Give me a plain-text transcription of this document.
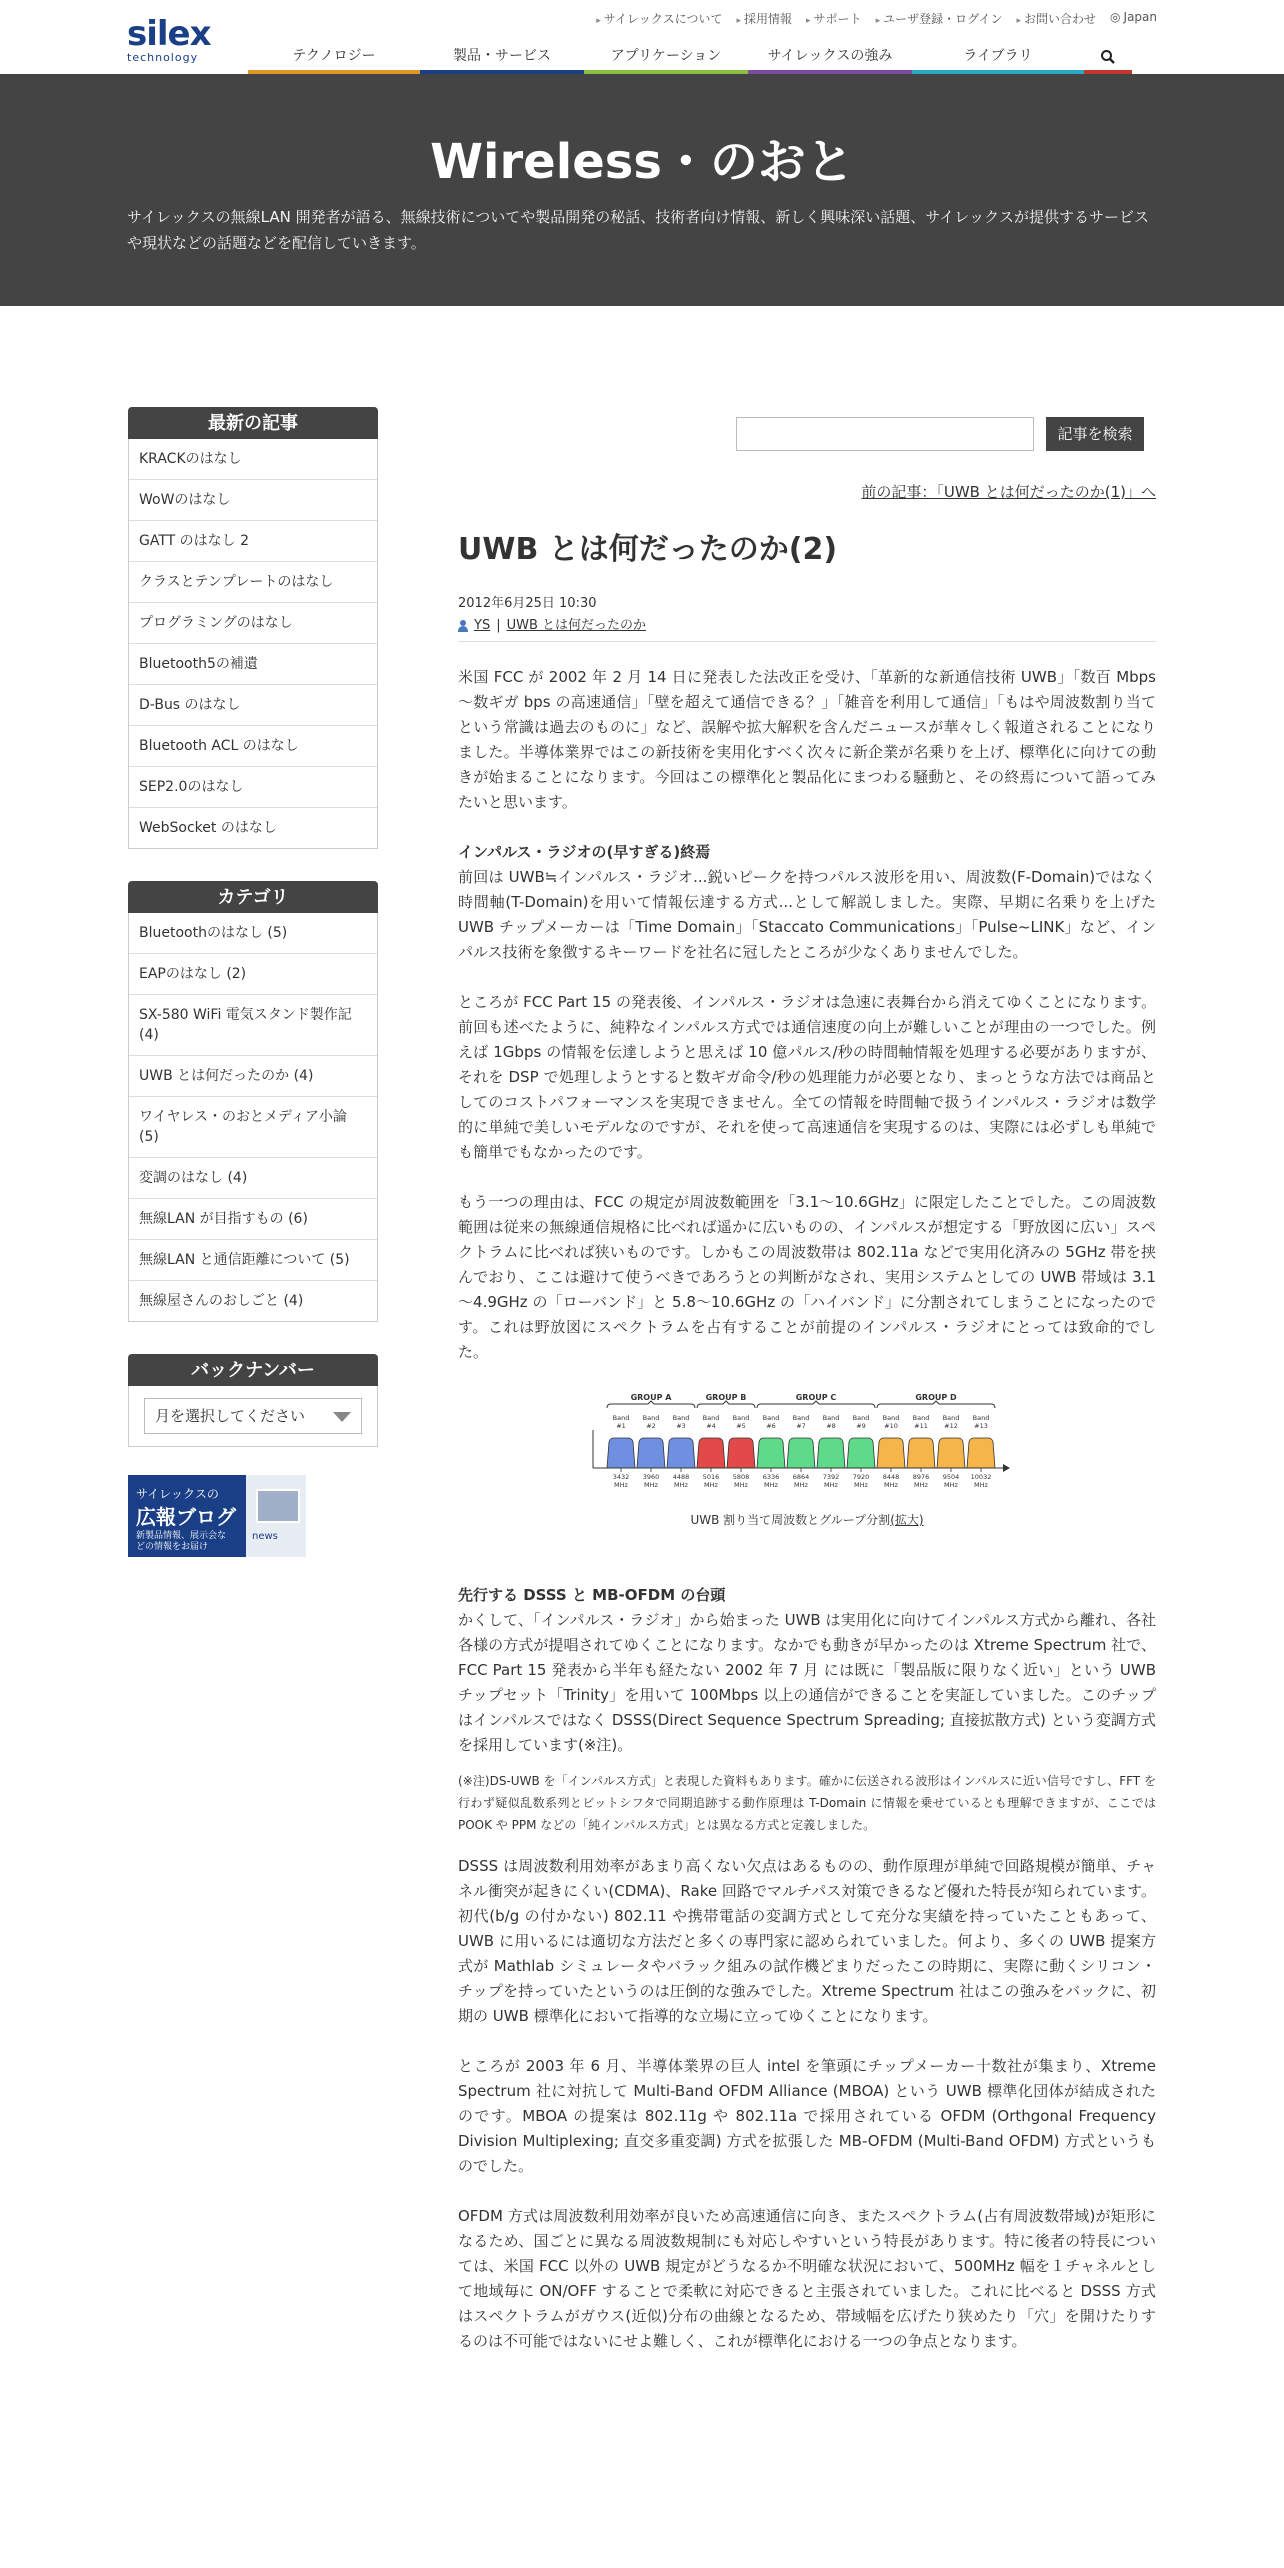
silex
technology
▸ サイレックスについて	▸ 採用情報	▸ サポート	▸ ユーザ登録・ログイン	▸ お問い合わせ ◎ Japan
テクノロジー	製品・サービス	アプリケーション	サイレックスの強み	ライブラリ
Wireless・のおと

サイレックスの無線LAN 開発者が語る、無線技術についてや製品開発の秘話、技術者向け情報、新しく興味深い話題、サイレックスが提供するサービスや現状などの話題などを配信していきます。

最新の記事
KRACKのはなし
WoWのはなし
GATT のはなし 2
クラスとテンプレートのはなし
プログラミングのはなし
Bluetooth5の補遺
D-Bus のはなし
Bluetooth ACL のはなし
SEP2.0のはなし
WebSocket のはなし
カテゴリ
Bluetoothのはなし (5)
EAPのはなし (2)
SX-580 WiFi 電気スタンド製作記 (4)
UWB とは何だったのか (4)
ワイヤレス・のおとメディア小論 (5)
変調のはなし (4)
無線LAN が目指すもの (6)
無線LAN と通信距離について (5)
無線屋さんのおしごと (4)
バックナンバー
月を選択してください
サイレックスの
広報ブログ
新製品情報、展示会などの情報をお届け
news
記事を検索
前の記事：「UWB とは何だったのか(1)」へ
UWB とは何だったのか(2)
2012年6月25日 10:30
YS | UWB とは何だったのか

米国 FCC が 2002 年 2 月 14 日に発表した法改正を受け、「革新的な新通信技術 UWB」「数百 Mbps～数ギガ bps の高速通信」「壁を超えて通信できる？」「雑音を利用して通信」「もはや周波数割り当てという常識は過去のものに」など、誤解や拡大解釈を含んだニュースが華々しく報道されることになりました。半導体業界ではこの新技術を実用化すべく次々に新企業が名乗りを上げ、標準化に向けての動きが始まることになります。今回はこの標準化と製品化にまつわる騒動と、その終焉について語ってみたいと思います。

インパルス・ラジオの(早すぎる)終焉
前回は UWB≒インパルス・ラジオ...鋭いピークを持つパルス波形を用い、周波数(F-Domain)ではなく時間軸(T-Domain)を用いて情報伝達する方式...として解説しました。実際、早期に名乗りを上げた UWB チップメーカーは「Time Domain」「Staccato Communications」「Pulse~LINK」など、インパルス技術を象徴するキーワードを社名に冠したところが少なくありませんでした。

ところが FCC Part 15 の発表後、インパルス・ラジオは急速に表舞台から消えてゆくことになります。前回も述べたように、純粋なインパルス方式では通信速度の向上が難しいことが理由の一つでした。例えば 1Gbps の情報を伝達しようと思えば 10 億パルス/秒の時間軸情報を処理する必要がありますが、それを DSP で処理しようとすると数ギガ命令/秒の処理能力が必要となり、まっとうな方法では商品としてのコストパフォーマンスを実現できません。全ての情報を時間軸で扱うインパルス・ラジオは数学的に単純で美しいモデルなのですが、それを使って高速通信を実現するのは、実際には必ずしも単純でも簡単でもなかったのです。

もう一つの理由は、FCC の規定が周波数範囲を「3.1～10.6GHz」に限定したことでした。この周波数範囲は従来の無線通信規格に比べれば遥かに広いものの、インパルスが想定する「野放図に広い」スペクトラムに比べれば狭いものです。しかもこの周波数帯は 802.11a などで実用化済みの 5GHz 帯を挟んでおり、ここは避けて使うべきであろうとの判断がなされ、実用システムとしての UWB 帯域は 3.1～4.9GHz の「ローバンド」と 5.8～10.6GHz の「ハイバンド」に分割されてしまうことになったのです。これは野放図にスペクトラムを占有することが前提のインパルス・ラジオにとっては致命的でした。

GROUP A	GROUP B	GROUP C	GROUP D
Band
#1
3432
MHz
Band
#2
3960
MHz
Band
#3
4488
MHz
Band
#4
5016
MHz
Band
#5
5808
MHz
Band
#6
6336
MHz
Band
#7
6864
MHz
Band
#8
7392
MHz
Band
#9
7920
MHz
Band
#10
8448
MHz
Band
#11
8976
MHz
Band
#12
9504
MHz
Band
#13
10032
MHz
UWB 割り当て周波数とグループ分割(拡大)

先行する DSSS と MB-OFDM の台頭
かくして、「インパルス・ラジオ」から始まった UWB は実用化に向けてインパルス方式から離れ、各社各様の方式が提唱されてゆくことになります。なかでも動きが早かったのは Xtreme Spectrum 社で、FCC Part 15 発表から半年も経たない 2002 年 7 月 には既に「製品版に限りなく近い」という UWB チップセット「Trinity」を用いて 100Mbps 以上の通信ができることを実証していました。このチップはインパルスではなく DSSS(Direct Sequence Spectrum Spreading; 直接拡散方式) という変調方式を採用しています(※注)。

(※注)DS-UWB を「インパルス方式」と表現した資料もあります。確かに伝送される波形はインパルスに近い信号ですし、FFT を行わず疑似乱数系列とビットシフタで同期追跡する動作原理は T-Domain に情報を乗せているとも理解できますが、ここでは POOK や PPM などの「純インパルス方式」とは異なる方式と定義しました。

DSSS は周波数利用効率があまり高くない欠点はあるものの、動作原理が単純で回路規模が簡単、チャネル衝突が起きにくい(CDMA)、Rake 回路でマルチパス対策できるなど優れた特長が知られています。初代(b/g の付かない) 802.11 や携帯電話の変調方式として充分な実績を持っていたこともあって、UWB に用いるには適切な方法だと多くの専門家に認められていました。何より、多くの UWB 提案方式が Mathlab シミュレータやバラック組みの試作機どまりだったこの時期に、実際に動くシリコン・チップを持っていたというのは圧倒的な強みでした。Xtreme Spectrum 社はこの強みをバックに、初期の UWB 標準化において指導的な立場に立ってゆくことになります。

ところが 2003 年 6 月、半導体業界の巨人 intel を筆頭にチップメーカー十数社が集まり、Xtreme Spectrum 社に対抗して Multi-Band OFDM Alliance (MBOA) という UWB 標準化団体が結成されたのです。MBOA の提案は 802.11g や 802.11a で採用されている OFDM (Orthgonal Frequency Division Multiplexing; 直交多重変調) 方式を拡張した MB-OFDM (Multi-Band OFDM) 方式というものでした。

OFDM 方式は周波数利用効率が良いため高速通信に向き、またスペクトラム(占有周波数帯域)が矩形になるため、国ごとに異なる周波数規制にも対応しやすいという特長があります。特に後者の特長については、米国 FCC 以外の UWB 規定がどうなるか不明確な状況において、500MHz 幅を１チャネルとして地域毎に ON/OFF することで柔軟に対応できると主張されていました。これに比べると DSSS 方式はスペクトラムがガウス(近似)分布の曲線となるため、帯域幅を広げたり狭めたり「穴」を開けたりするのは不可能ではないにせよ難しく、これが標準化における一つの争点となります。
